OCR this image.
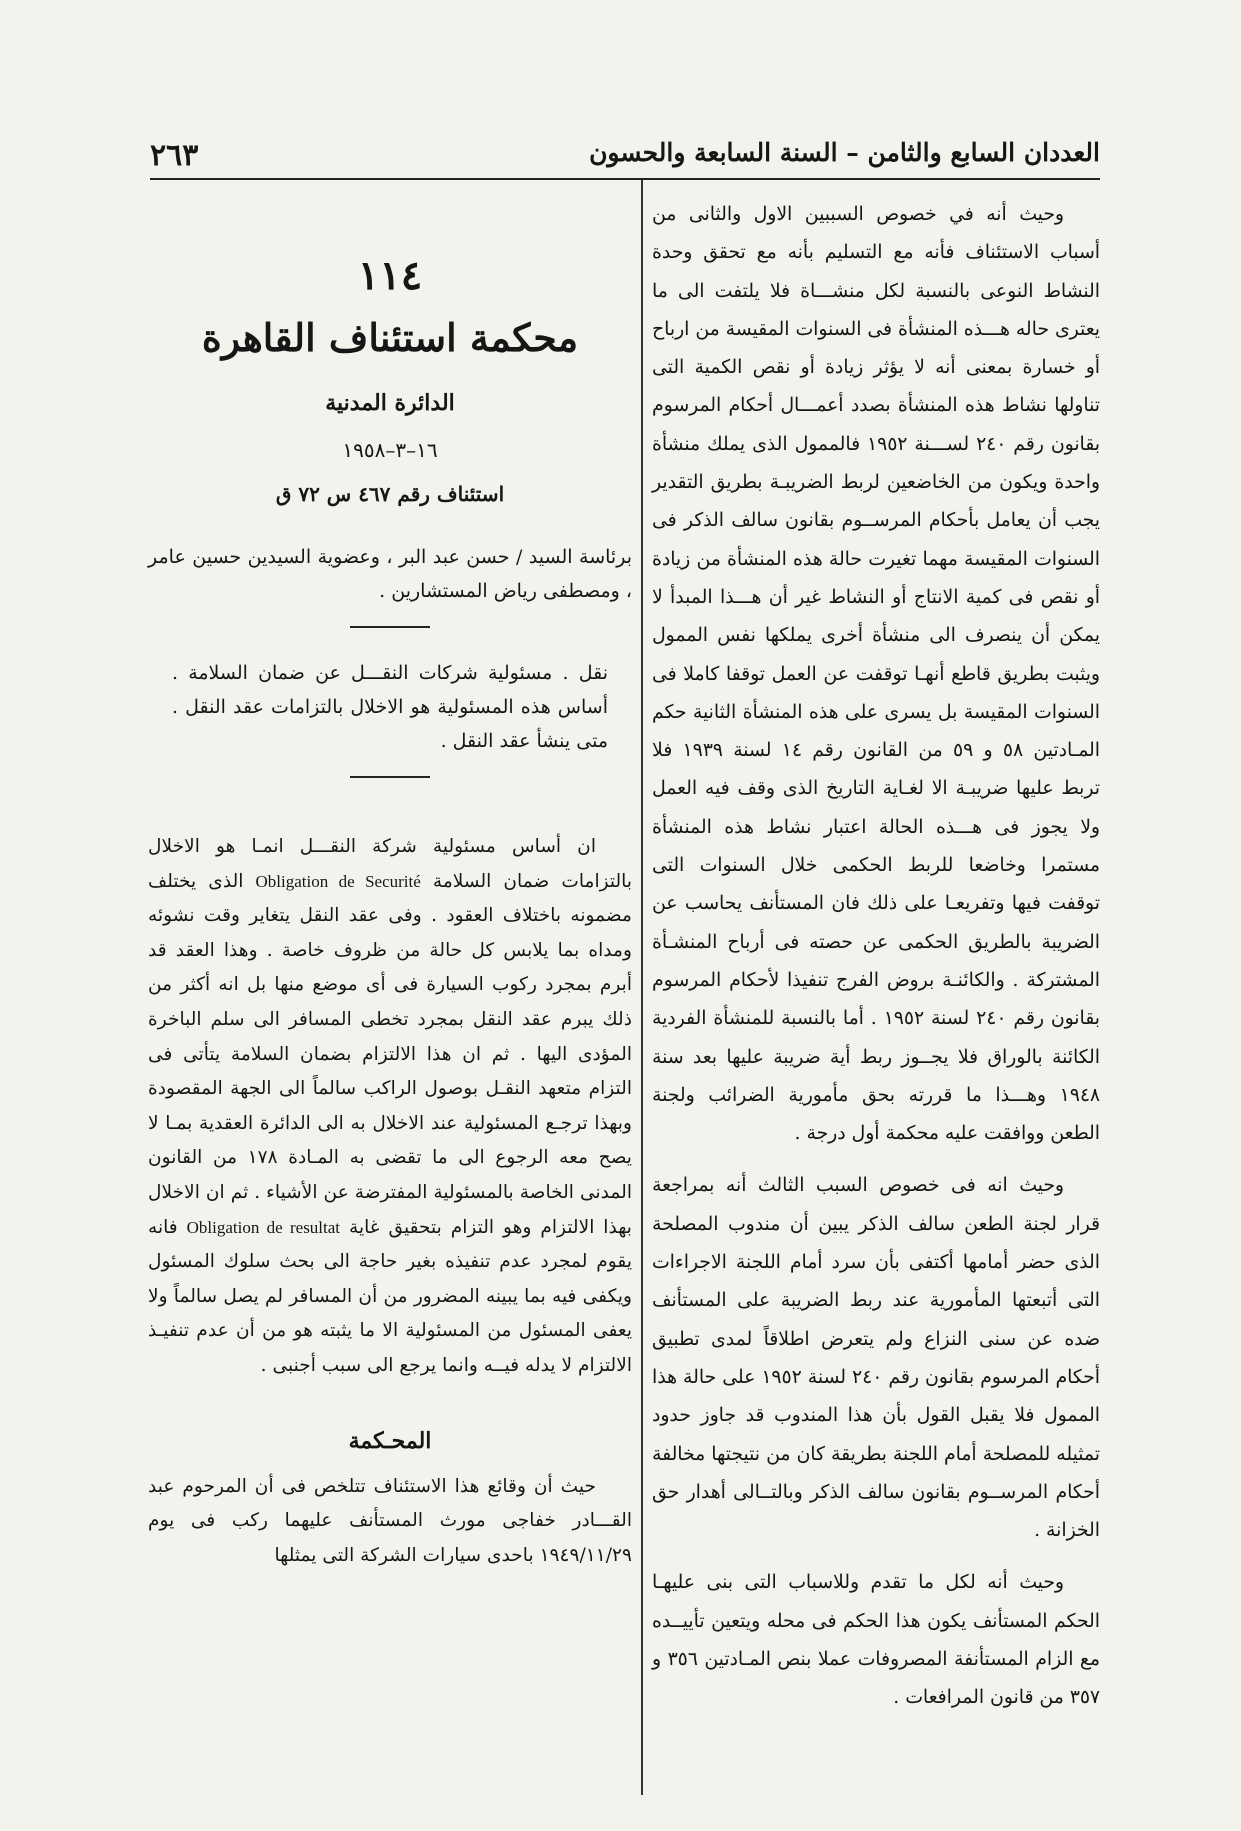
العددان السابع والثامن – السنة السابعة والحسون
٢٦٣

وحيث أنه في خصوص السببين الاول والثانى من أسباب الاستئناف فأنه مع التسليم بأنه مع تحقق وحدة النشاط النوعى بالنسبة لكل منشـــاة فلا يلتفت الى ما يعترى حاله هـــذه المنشأة فى السنوات المقيسة من ارباح أو خسارة بمعنى أنه لا يؤثر زيادة أو نقص الكمية التى تناولها نشاط هذه المنشأة بصدد أعمـــال أحكام المرسوم بقانون رقم ٢٤٠ لســـنة ١٩٥٢ فالممول الذى يملك منشأة واحدة ويكون من الخاضعين لربط الضريبـة بطريق التقدير يجب أن يعامل بأحكام المرســوم بقانون سالف الذكر فى السنوات المقيسة مهما تغيرت حالة هذه المنشأة من زيادة أو نقص فى كمية الانتاج أو النشاط غير أن هـــذا المبدأ لا يمكن أن ينصرف الى منشأة أخرى يملكها نفس الممول ويثبت بطريق قاطع أنهـا توقفت عن العمل توقفا كاملا فى السنوات المقيسة بل يسرى على هذه المنشأة الثانية حكم المـادتين ٥٨ و ٥٩ من القانون رقم ١٤ لسنة ١٩٣٩ فلا تربط عليها ضريبـة الا لغـاية التاريخ الذى وقف فيه العمل ولا يجوز فى هـــذه الحالة اعتبار نشاط هذه المنشأة مستمرا وخاضعا للربط الحكمى خلال السنوات التى توقفت فيها وتفريعـا على ذلك فان المستأنف يحاسب عن الضريبة بالطريق الحكمى عن حصته فى أرباح المنشـأة المشتركة . والكائنـة بروض الفرج تنفيذا لأحكام المرسوم بقانون رقم ٢٤٠ لسنة ١٩٥٢ . أما بالنسبة للمنشأة الفردية الكائنة بالوراق فلا يجــوز ربط أية ضريبة عليها بعد سنة ١٩٤٨ وهـــذا ما قررته بحق مأمورية الضرائب ولجنة الطعن ووافقت عليه محكمة أول درجة .

وحيث انه فى خصوص السبب الثالث أنه بمراجعة قرار لجنة الطعن سالف الذكر يبين أن مندوب المصلحة الذى حضر أمامها أكتفى بأن سرد أمام اللجنة الاجراءات التى أتبعتها المأمورية عند ربط الضريبة على المستأنف ضده عن سنى النزاع ولم يتعرض اطلاقاً لمدى تطبيق أحكام المرسوم بقانون رقم ٢٤٠ لسنة ١٩٥٢ على حالة هذا الممول فلا يقبل القول بأن هذا المندوب قد جاوز حدود تمثيله للمصلحة أمام اللجنة بطريقة كان من نتيجتها مخالفة أحكام المرســوم بقانون سالف الذكر وبالتــالى أهدار حق الخزانة .

وحيث أنه لكل ما تقدم وللاسباب التى بنى عليهـا الحكم المستأنف يكون هذا الحكم فى محله ويتعين تأييــده مع الزام المستأنفة المصروفات عملا بنص المـادتين ٣٥٦ و ٣٥٧ من قانون المرافعات .

١١٤
محكمة استئناف القاهرة
الدائرة المدنية
١٦–٣–١٩٥٨
استئناف رقم ٤٦٧ س ٧٢ ق
برئاسة السيد / حسن عبد البر ، وعضوية السيدين حسين عامر ، ومصطفى رياض المستشارين .
نقل . مسئولية شركات النقـــل عن ضمان السلامة . أساس هذه المسئولية هو الاخلال بالتزامات عقد النقل . متى ينشأ عقد النقل .

ان أساس مسئولية شركة النقـــل انمـا هو الاخلال بالتزامات ضمان السلامة Obligation de Securité الذى يختلف مضمونه باختلاف العقود . وفى عقد النقل يتغاير وقت نشوئه ومداه بما يلابس كل حالة من ظروف خاصة . وهذا العقد قد أبرم بمجرد ركوب السيارة فى أى موضع منها بل انه أكثر من ذلك يبرم عقد النقل بمجرد تخطى المسافر الى سلم الباخرة المؤدى اليها . ثم ان هذا الالتزام بضمان السلامة يتأتى فى التزام متعهد النقـل بوصول الراكب سالماً الى الجهة المقصودة وبهذا ترجـع المسئولية عند الاخلال به الى الدائرة العقدية بمـا لا يصح معه الرجوع الى ما تقضى به المـادة ١٧٨ من القانون المدنى الخاصة بالمسئولية المفترضة عن الأشياء . ثم ان الاخلال بهذا الالتزام وهو التزام بتحقيق غاية Obligation de resultat فانه يقوم لمجرد عدم تنفيذه بغير حاجة الى بحث سلوك المسئول ويكفى فيه بما يبينه المضرور من أن المسافر لم يصل سالماً ولا يعفى المسئول من المسئولية الا ما يثبته هو من أن عدم تنفيـذ الالتزام لا يدله فيــه وانما يرجع الى سبب أجنبى .

المحـكمة

حيث أن وقائع هذا الاستئناف تتلخص فى أن المرحوم عبد القـــادر خفاجى مورث المستأنف عليهما ركب فى يوم ١٩٤٩/١١/٢٩ باحدى سيارات الشركة التى يمثلها
